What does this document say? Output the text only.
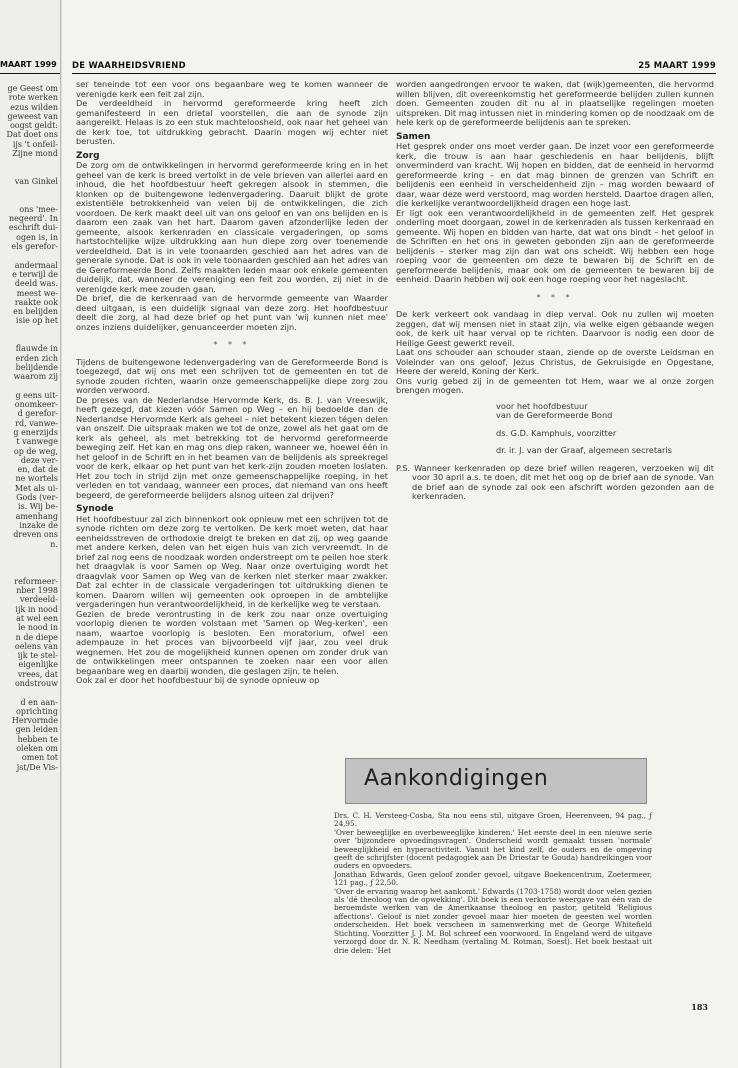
MAART 1999
ge Geest om
rote werken
ezus wilden
geweest van
oogst geldt:
Dat doet ons
ijs 't onfeil-
Zijne mond

van Ginkel

ons 'mee-
negeerd'. In
eschrift dui-
ogen is, in
els gerefor-

andermaal
e terwijl de
deeld was.
meest we-
raakte ook
en belijden
isie op het

flauwde in
erden zich
belijdende
waarom zij

g eens uit-
onomkeer-
d gerefor-
rd, vanwe-
g enerzijds
t vanwege
op de weg,
deze ver-
en, dat de
ne wortels
Met als ui-
Gods (ver-
is. Wij be-
amenhang
inzake de
dreven ons
n.

reformeer-
nber 1998
verdeeld-
ijk in nood
at wel een
le nood in
n de diepe
oelens van
ijk te stel-
eigenlijke
vrees, dat
ondstrouw

d en aan-
oprichting
Hervormde
gen leiden
hebben te
oleken om
omen tot
jst/De Vis-
DE WAARHEIDSVRIEND	25 MAART 1999

ser teneinde tot een voor ons begaanbare weg te komen wanneer de verenigde kerk een feit zal zijn.

De verdeeldheid in hervormd gereformeerde kring heeft zich gemanifesteerd in een drietal voorstellen, die aan de synode zijn aangereikt. Helaas is zo een stuk machteloosheid, ook naar het geheel van de kerk toe, tot uitdrukking gebracht. Daarin mogen wij echter niet berusten.

Zorg

De zorg om de ontwikkelingen in hervormd gereformeerde kring en in het geheel van de kerk is breed vertolkt in de vele brieven van allerlei aard en inhoud, die het hoofdbestuur heeft gekregen alsook in stemmen, die klonken op de buitengewone ledenvergadering. Daaruit blijkt de grote existentiële betrokkenheid van velen bij de ontwikkelingen, die zich voordoen. De kerk maakt deel uit van ons geloof en van ons belijden en is daarom een zaak van het hart. Daarom gaven afzonderlijke leden der gemeente, alsook kerkenraden en classicale vergaderingen, op soms hartstochtelijke wijze uitdrukking aan hun diepe zorg over toenemende verdeeldheid. Dat is in vele toonaarden geschied aan het adres van de generale synode. Dat is ook in vele toonaarden geschied aan het adres van de Gereformeerde Bond. Zelfs maakten leden maar ook enkele gemeenten duidelijk, dat, wanneer de vereniging een feit zou worden, zij niet in de verenigde kerk mee zouden gaan.

De brief, die de kerkenraad van de hervormde gemeente van Waarder deed uitgaan, is een duidelijk signaal van deze zorg. Het hoofdbestuur deelt die zorg, al had deze brief op het punt van 'wij kunnen niet mee' onzes inziens duidelijker, genuanceerder moeten zijn.

* * *

Tijdens de buitengewone ledenvergadering van de Gereformeerde Bond is toegezegd, dat wij ons met een schrijven tot de gemeenten en tot de synode zouden richten, waarin onze gemeenschappelijke diepe zorg zou worden verwoord.

De preses van de Nederlandse Hervormde Kerk, ds. B. J. van Vreeswijk, heeft gezegd, dat kiezen vóór Samen op Weg – en hij bedoelde dan de Nederlandse Hervormde Kerk als geheel – niet betekent kiezen tégen delen van onszelf. Die uitspraak maken we tot de onze, zowel als het gaat om de kerk als geheel, als met betrekking tot de hervormd gereformeerde beweging zelf. Het kan en mag ons diep raken, wanneer we, hoewel één in het geloof in de Schrift en in het beamen van de belijdenis als spreekregel voor de kerk, elkaar op het punt van het kerk-zijn zouden moeten loslaten. Het zou toch in strijd zijn met onze gemeenschappelijke roeping, in het verleden en tot vandaag, wanneer een proces, dat niemand van ons heeft begeerd, de gereformeerde belijders alsnog uiteen zal drijven?

Synode

Het hoofdbestuur zal zich binnenkort ook opnieuw met een schrijven tot de synode richten om deze zorg te vertolken. De kerk moet weten, dat haar eenheidsstreven de orthodoxie dreigt te breken en dat zij, op weg gaande met andere kerken, delen van het eigen huis van zich vervreemdt. In de brief zal nog eens de noodzaak worden onderstreept om te peilen hoe sterk het draagvlak is voor Samen op Weg. Naar onze overtuiging wordt het draagvlak voor Samen op Weg van de kerken niet sterker maar zwakker. Dat zal echter in de classicale vergaderingen tot uitdrukking dienen te komen. Daarom willen wij gemeenten ook oproepen in de ambtelijke vergaderingen hun verantwoordelijkheid, in de kerkelijke weg te verstaan.

Gezien de brede verontrusting in de kerk zou naar onze overtuiging voorlopig dienen te worden volstaan met 'Samen op Weg-kerken', een naam, waartoe voorlopig is besloten. Een moratorium, ofwel een adempauze in het proces van bijvoorbeeld vijf jaar, zou veel druk wegnemen. Het zou de mogelijkheid kunnen openen om zonder druk van de ontwikkelingen meer ontspannen te zoeken naar een voor allen begaanbare weg en daarbij wonden, die geslagen zijn, te helen.

Ook zal er door het hoofdbestuur bij de synode opnieuw op

worden aangedrongen ervoor te waken, dat (wijk)gemeenten, die hervormd willen blijven, dit overeenkomstig het gereformeerde belijden zullen kunnen doen. Gemeenten zouden dit nu al in plaatselijke regelingen moeten uitspreken. Dit mag intussen niet in mindering komen op de noodzaak om de hele kerk op de gereformeerde belijdenis aan te spreken.

Samen

Het gesprek onder ons moet verder gaan. De inzet voor een gereformeerde kerk, die trouw is aan haar geschiedenis en haar belijdenis, blijft onverminderd van kracht. Wij hopen en bidden, dat de eenheid in hervormd gereformeerde kring – en dat mag binnen de grenzen van Schrift en belijdenis een eenheid in verscheidenheid zijn – mag worden bewaard of daar, waar deze werd verstoord, mag worden hersteld. Daartoe dragen allen, die kerkelijke verantwoordelijkheid dragen een hoge last.

Er ligt ook een verantwoordelijkheid in de gemeenten zelf. Het gesprek onderling moet doorgaan, zowel in de kerkenraden als tussen kerkenraad en gemeente. Wij hopen en bidden van harte, dat wat ons bindt – het geloof in de Schriften en het ons in geweten gebonden zijn aan de gereformeerde belijdenis – sterker mag zijn dan wat ons scheidt. Wij hebben een hoge roeping voor de gemeenten om deze te bewaren bij de Schrift en de gereformeerde belijdenis, maar ook om de gemeenten te bewaren bij de eenheid. Daarin hebben wij ook een hoge roeping voor het nageslacht.

* * *

De kerk verkeert ook vandaag in diep verval. Ook nu zullen wij moeten zeggen, dat wij mensen niet in staat zijn, via welke eigen gebaande wegen ook, de kerk uit haar verval op te richten. Daarvoor is nodig een door de Heilige Geest gewerkt reveil.

Laat ons schouder aan schouder staan, ziende op de overste Leidsman en Voleinder van ons geloof, Jezus Christus, de Gekruisigde en Opgestane, Heere der wereld, Koning der Kerk.

Ons vurig gebed zij in de gemeenten tot Hem, waar we al onze zorgen brengen mogen.

voor het hoofdbestuur
van de Gereformeerde Bond
ds. G.D. Kamphuis, voorzitter
dr. ir. J. van der Graaf, algemeen secretaris

P.S. Wanneer kerkenraden op deze brief willen reageren, verzoeken wij dit voor 30 april a.s. te doen, dit met het oog op de brief aan de synode. Van de brief aan de synode zal ook een afschrift worden gezonden aan de kerkenraden.

Aankondigingen

Drs. C. H. Versteeg-Cosba, Sta nou eens stil, uitgave Groen, Heerenveen, 94 pag., ƒ 24,95.

'Over beweeglijke en overbeweeglijke kinderen.' Het eerste deel in een nieuwe serie over 'bijzondere opvoedingsvragen'. Onderscheid wordt gemaakt tussen 'normale' beweeglijkheid en hyperactiviteit. Vanuit het kind zelf, de ouders en de omgeving geeft de schrijfster (docent pedagogiek aan De Driestar te Gouda) handreikingen voor ouders en opvoeders.

Jonathan Edwards, Geen geloof zonder gevoel, uitgave Boekencentrum, Zoetermeer, 121 pag., ƒ 22,50.

'Over de ervaring waarop het aankomt.' Edwards (1703-1758) wordt door velen gezien als 'dé theoloog van de opwekking'. Dit boek is een verkorte weergave van één van de beroemdste werken van de Amerikaanse theoloog en pastor, getiteld 'Religious affections'. Geloof is niet zonder gevoel maar hier moeten de geesten wel worden onderscheiden. Het boek verscheen in samenwerking met de George Whitefield Stichting. Voorzitter J. J. M. Bol schreef een voorwoord. In Engeland werd de uitgave verzorgd door dr. N. R. Needham (vertaling M. Rotman, Soest). Het boek bestaat uit drie delen: 'Het

183
